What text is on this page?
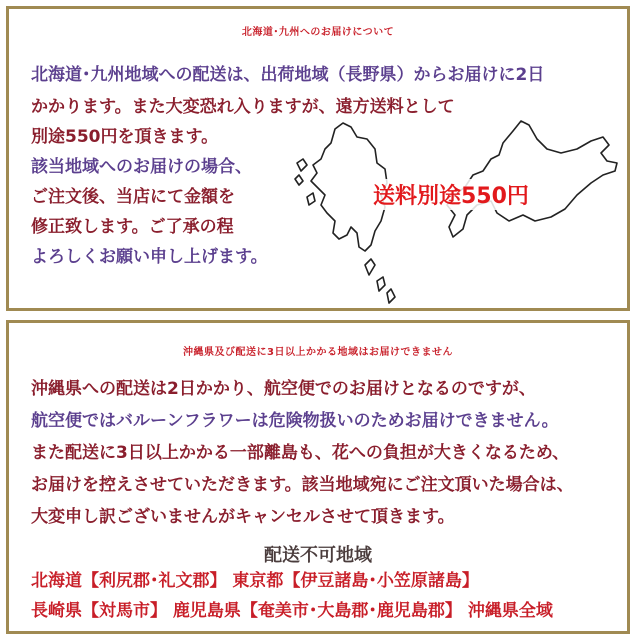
北海道･九州へのお届けについて
北海道･九州地域への配送は、出荷地域（長野県）からお届けに2日
かかります。また大変恐れ入りますが、遠方送料として
別途550円を頂きます。
該当地域へのお届けの場合、
ご注文後、当店にて金額を
修正致します。ご了承の程
よろしくお願い申し上げます。
送料別途550円
沖縄県及び配送に3日以上かかる地域はお届けできません
沖縄県への配送は2日かかり、航空便でのお届けとなるのですが、
航空便ではバルーンフラワーは危険物扱いのためお届けできません。
また配送に3日以上かかる一部離島も、花への負担が大きくなるため、
お届けを控えさせていただきます。該当地域宛にご注文頂いた場合は、
大変申し訳ございませんがキャンセルさせて頂きます。
配送不可地域
北海道【利尻郡･礼文郡】 東京都【伊豆諸島･小笠原諸島】
長崎県【対馬市】 鹿児島県【奄美市･大島郡･鹿児島郡】 沖縄県全域
